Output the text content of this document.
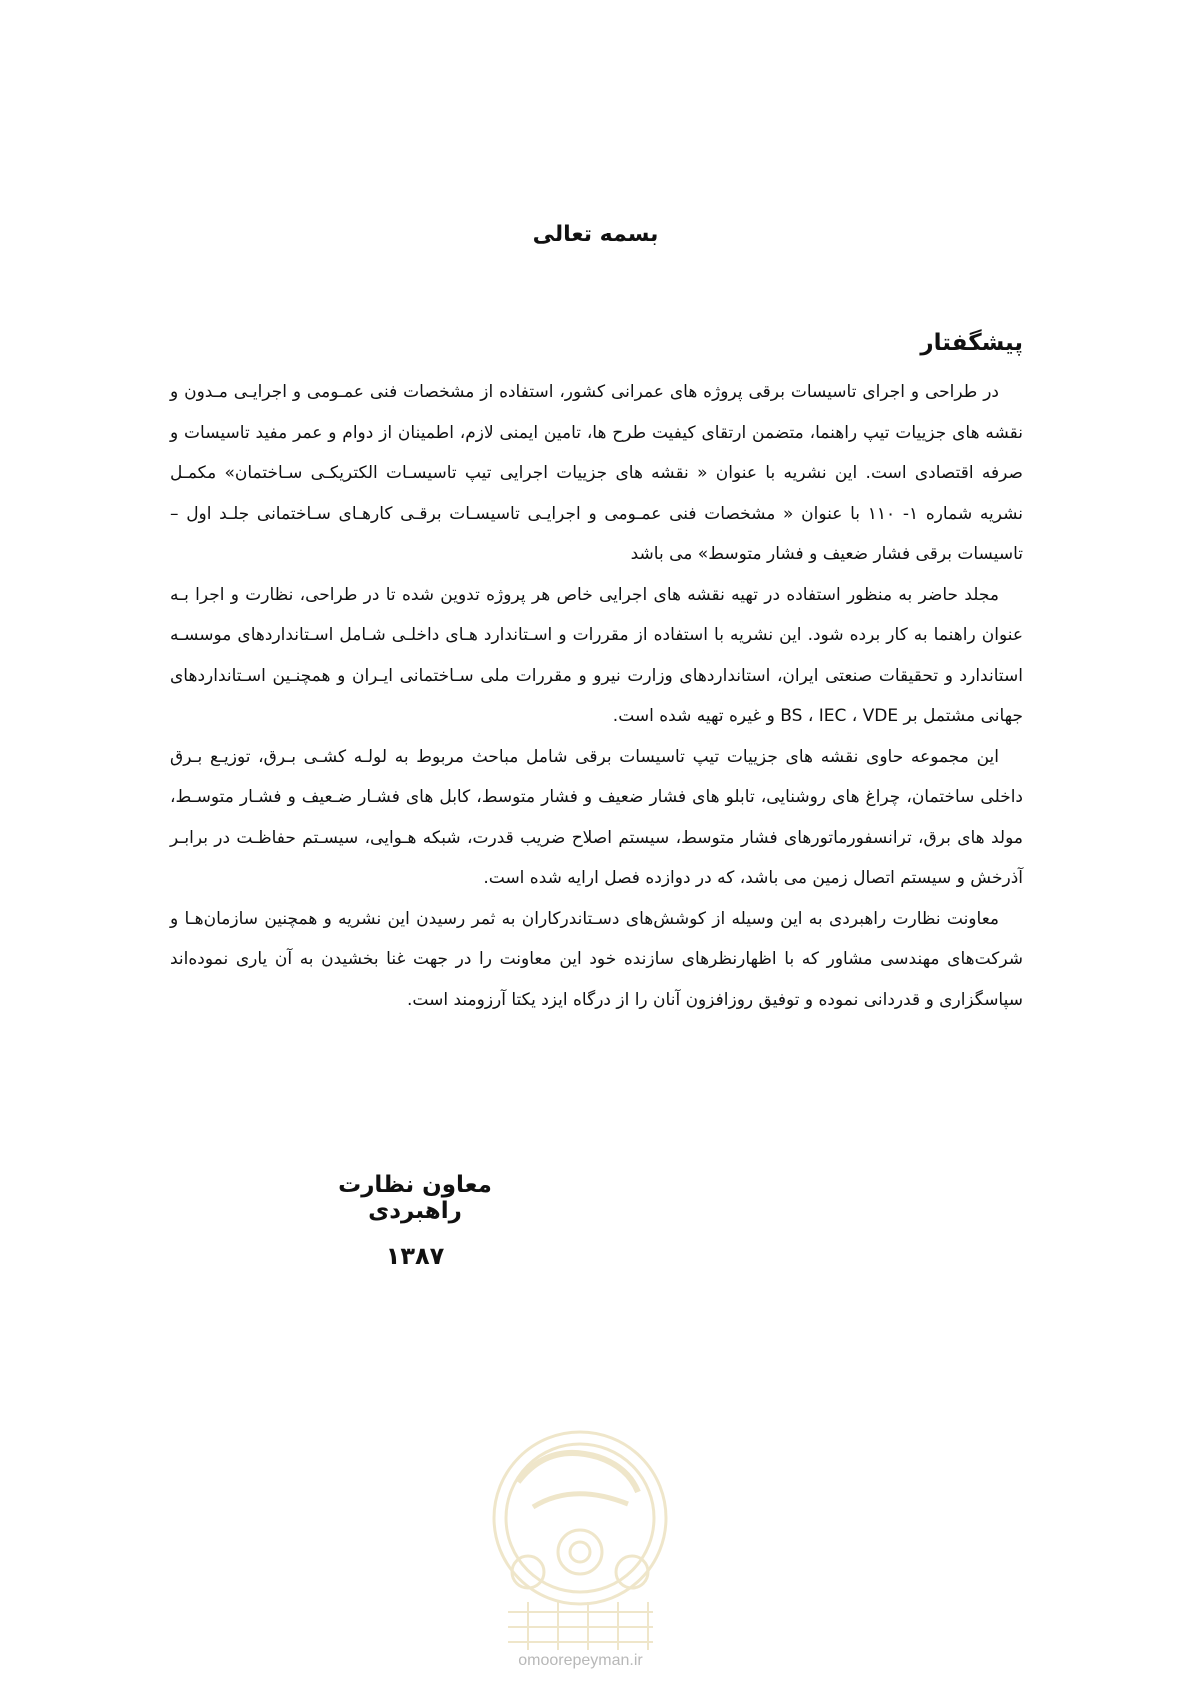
بسمه تعالی
پیشگفتار

در طراحی و اجرای تاسیسات برقی پروژه های عمرانی کشور، استفاده از مشخصات فنی عمـومی و اجرایـی مـدون و نقشه های جزییات تیپ راهنما، متضمن ارتقای کیفیت طرح ها، تامین ایمنی لازم، اطمینان از دوام و عمر مفید تاسیسات و صرفه اقتصادی است. این نشریه با عنوان « نقشه های جزییات اجرایی تیپ تاسیسـات الکتریکـی سـاختمان» مکمـل نشریه شماره ۱- ۱۱۰ با عنوان « مشخصات فنی عمـومی و اجرایـی تاسیسـات برقـی کارهـای سـاختمانی جلـد اول – تاسیسات برقی فشار ضعیف و فشار متوسط» می باشد

مجلد حاضر به منظور استفاده در تهیه نقشه های اجرایی خاص هر پروژه تدوین شده تا در طراحی، نظارت و اجرا بـه عنوان راهنما به کار برده شود. این نشریه با استفاده از مقررات و اسـتاندارد هـای داخلـی شـامل اسـتانداردهای موسسـه استاندارد و تحقیقات صنعتی ایران، استانداردهای وزارت نیرو و مقررات ملی سـاختمانی ایـران و همچنـین اسـتانداردهای جهانی مشتمل بر BS ، IEC ، VDE و غیره تهیه شده است.

این مجموعه حاوی نقشه های جزییات تیپ تاسیسات برقی شامل مباحث مربوط به لولـه کشـی بـرق، توزیـع بـرق داخلی ساختمان، چراغ های روشنایی، تابلو های فشار ضعیف و فشار متوسط، کابل های فشـار ضـعیف و فشـار متوسـط، مولد های برق، ترانسفورماتورهای فشار متوسط، سیستم اصلاح ضریب قدرت، شبکه هـوایی، سیسـتم حفاظـت در برابـر آذرخش و سیستم اتصال زمین می باشد، که در دوازده فصل ارایه شده است.

معاونت نظارت راهبردی به این وسیله از کوشش‌های دسـتاندرکاران به ثمر رسیدن این نشریه و همچنین سازمان‌هـا و شرکت‌های مهندسی مشاور که با اظهارنظرهای سازنده خود این معاونت را در جهت غنا بخشیدن به آن یاری نموده‌اند سپاسگزاری و قدردانی نموده و توفیق روزافزون آنان را از درگاه ایزد یکتا آرزومند است.

معاون نظارت راهبردی
۱۳۸۷
omoorepeyman.ir
